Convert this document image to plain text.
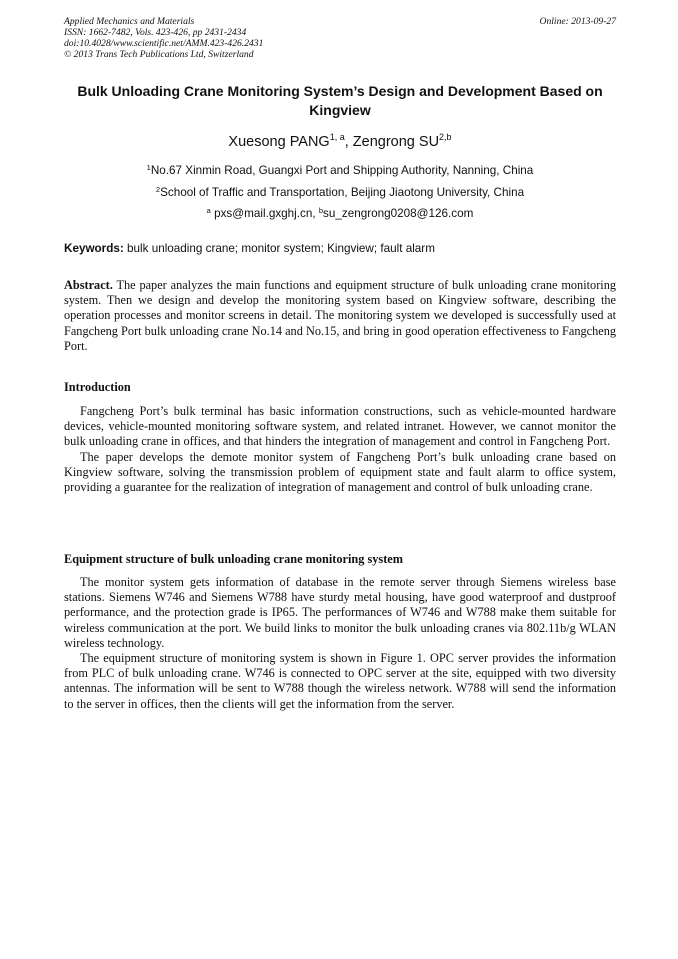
Applied Mechanics and Materials	Online: 2013-09-27
ISSN: 1662-7482, Vols. 423-426, pp 2431-2434
doi:10.4028/www.scientific.net/AMM.423-426.2431
© 2013 Trans Tech Publications Ltd, Switzerland
Bulk Unloading Crane Monitoring System’s Design and Development Based on Kingview
Xuesong PANG$^{1, a}$, Zengrong SU$^{2,b}$
$^1$No.67 Xinmin Road, Guangxi Port and Shipping Authority, Nanning, China
$^2$School of Traffic and Transportation, Beijing Jiaotong University, China
$^a$ pxs@mail.gxghj.cn, $^b$su_zengrong0208@126.com
Keywords: bulk unloading crane; monitor system; Kingview; fault alarm

Abstract. The paper analyzes the main functions and equipment structure of bulk unloading crane monitoring system. Then we design and develop the monitoring system based on Kingview software, describing the operation processes and monitor screens in detail. The monitoring system we developed is successfully used at Fangcheng Port bulk unloading crane No.14 and No.15, and bring in good operation effectiveness to Fangcheng Port.

Introduction

Fangcheng Port’s bulk terminal has basic information constructions, such as vehicle-mounted hardware devices, vehicle-mounted monitoring software system, and related intranet. However, we cannot monitor the bulk unloading crane in offices, and that hinders the integration of management and control in Fangcheng Port.

The paper develops the demote monitor system of Fangcheng Port’s bulk unloading crane based on Kingview software, solving the transmission problem of equipment state and fault alarm to office system, providing a guarantee for the realization of integration of management and control of bulk unloading crane.

Equipment structure of bulk unloading crane monitoring system

The monitor system gets information of database in the remote server through Siemens wireless base stations. Siemens W746 and Siemens W788 have sturdy metal housing, have good waterproof and dustproof performance, and the protection grade is IP65. The performances of W746 and W788 make them suitable for wireless communication at the port. We build links to monitor the bulk unloading cranes via 802.11b/g WLAN wireless technology.

The equipment structure of monitoring system is shown in Figure 1. OPC server provides the information from PLC of bulk unloading crane. W746 is connected to OPC server at the site, equipped with two diversity antennas. The information will be sent to W788 though the wireless network. W788 will send the information to the server in offices, then the clients will get the information from the server.
